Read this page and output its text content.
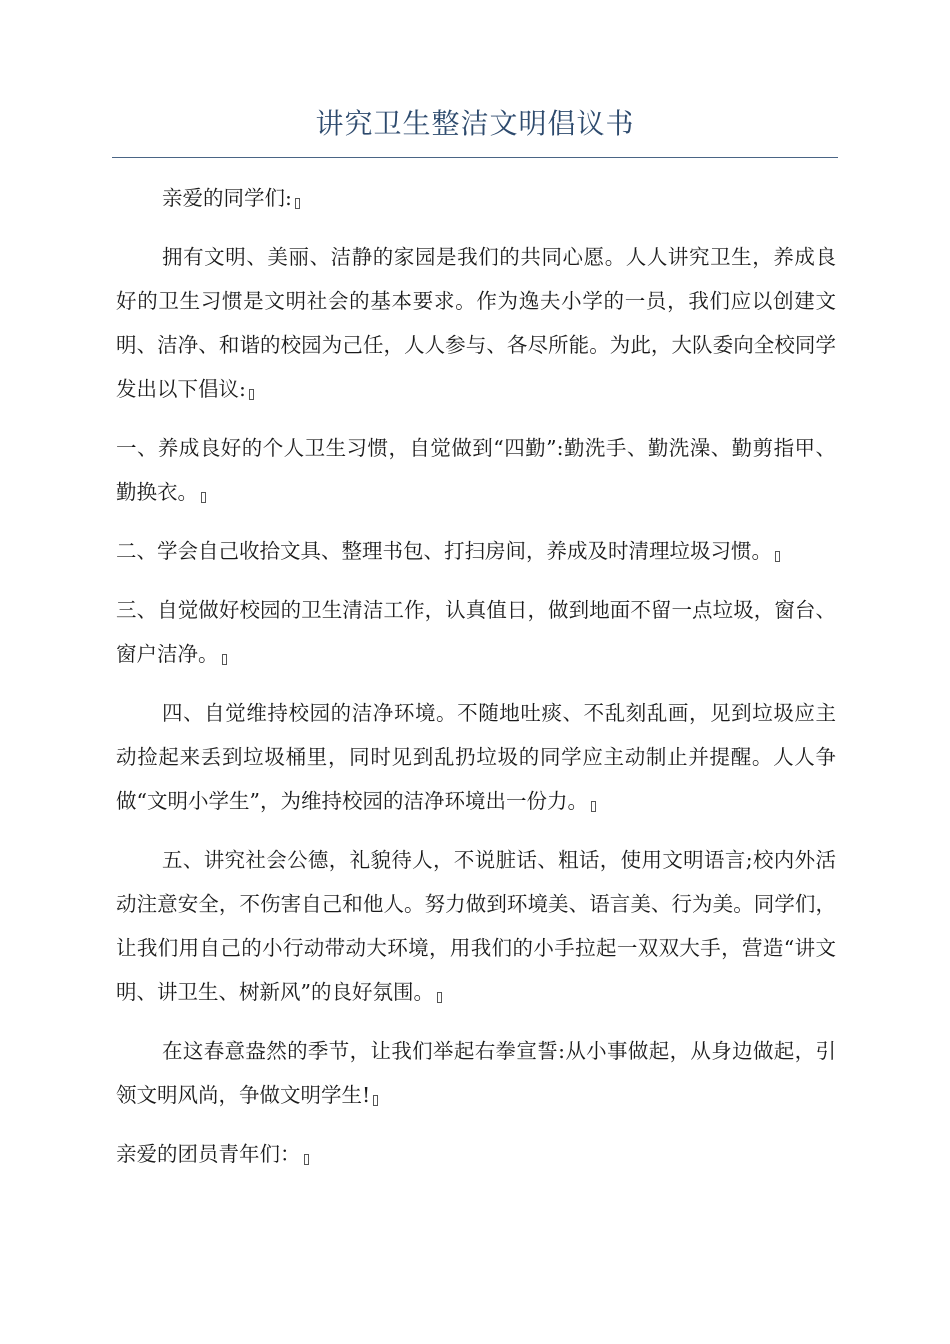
讲究卫生整洁文明倡议书

亲爱的同学们:

拥有文明、美丽、洁静的家园是我们的共同心愿。人人讲究卫生，养成良好的卫生习惯是文明社会的基本要求。作为逸夫小学的一员，我们应以创建文明、洁净、和谐的校园为己任，人人参与、各尽所能。为此，大队委向全校同学发出以下倡议:

一、养成良好的个人卫生习惯，自觉做到“四勤”:勤洗手、勤洗澡、勤剪指甲、勤换衣。

二、学会自己收拾文具、整理书包、打扫房间，养成及时清理垃圾习惯。

三、自觉做好校园的卫生清洁工作，认真值日，做到地面不留一点垃圾，窗台、窗户洁净。

四、自觉维持校园的洁净环境。不随地吐痰、不乱刻乱画，见到垃圾应主动捡起来丢到垃圾桶里，同时见到乱扔垃圾的同学应主动制止并提醒。人人争做“文明小学生”，为维持校园的洁净环境出一份力。

五、讲究社会公德，礼貌待人，不说脏话、粗话，使用文明语言;校内外活动注意安全，不伤害自己和他人。努力做到环境美、语言美、行为美。同学们，让我们用自己的小行动带动大环境，用我们的小手拉起一双双大手，营造“讲文明、讲卫生、树新风”的良好氛围。

在这春意盎然的季节，让我们举起右拳宣誓:从小事做起，从身边做起，引领文明风尚，争做文明学生!

亲爱的团员青年们：
